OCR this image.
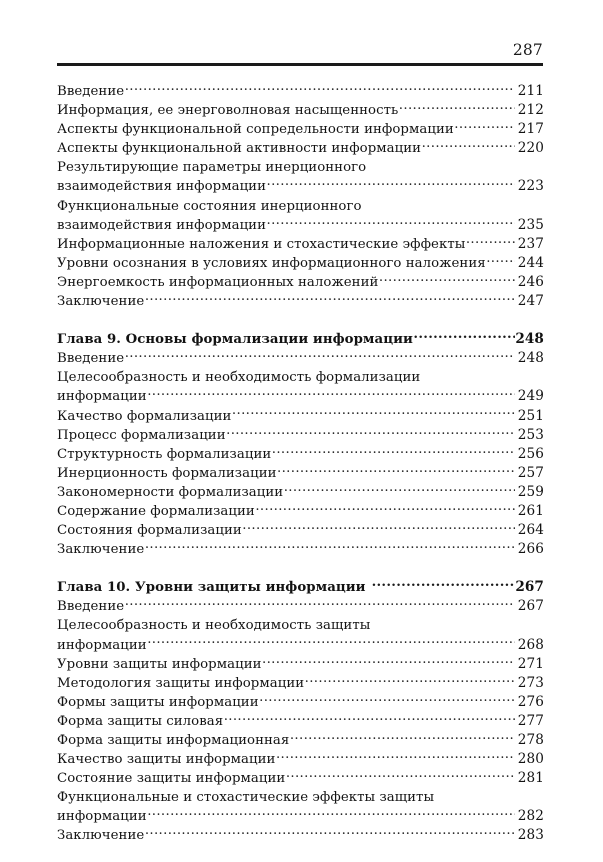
287
Введение .....	211
Информация, ее энерговолновая насыщенность .....	212
Аспекты функциональной сопредельности информации .....	217
Аспекты функциональной активности информации .....	220
Результирующие параметры инерционного
взаимодействия информации .....	223
Функциональные состояния инерционного
взаимодействия информации .....	235
Информационные наложения и стохастические эффекты .....	237
Уровни осознания в условиях информационного наложения ..... 244
Энергоемкость информационных наложений .....	246
Заключение .....	247
Глава 9. Основы формализации информации .....	248
Введение .....	248
Целесообразность и необходимость формализации
информации .....	249
Качество формализации .....	251
Процесс формализации .....	253
Структурность формализации .....	256
Инерционность формализации .....	257
Закономерности формализации .....	259
Содержание формализации .....	261
Состояния формализации .....	264
Заключение .....	266
Глава 10. Уровни защиты информации .....	267
Введение .....	267
Целесообразность и необходимость защиты
информации .....	268
Уровни защиты информации .....	271
Методология защиты информации .....	273
Формы защиты информации .....	276
Форма защиты силовая .....	277
Форма защиты информационная .....	278
Качество защиты информации .....	280
Состояние защиты информации .....	281
Функциональные и стохастические эффекты защиты
информации .....	282
Заключение .....	283
